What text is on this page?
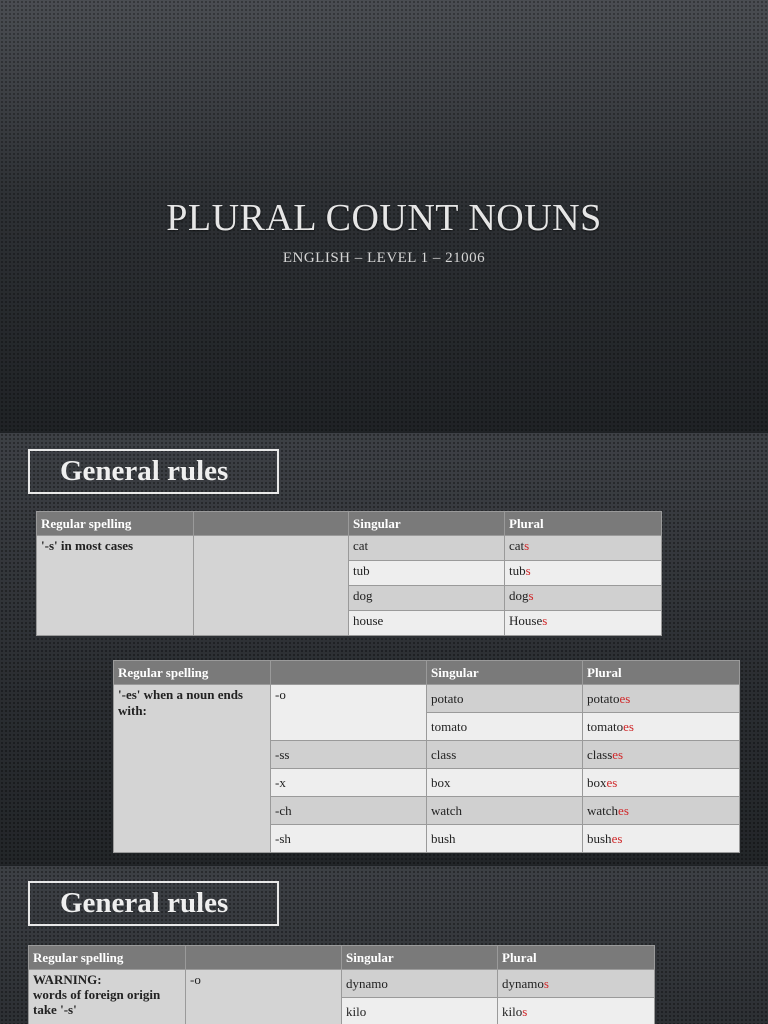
PLURAL COUNT NOUNS
ENGLISH – LEVEL 1 – 21006
General rules
Regular spelling		Singular	Plural
'-s' in most cases		cat	cats
		tub	tubs
		dog	dogs
		house	Houses
Regular spelling		Singular	Plural
'-es' when a noun ends with:	-o	potato	potatoes
		tomato	tomatoes
	-ss	class	classes
	-x	box	boxes
	-ch	watch	watches
	-sh	bush	bushes
General rules
Regular spelling		Singular	Plural

WARNING:
words of foreign origin take '-s'	-o	dynamo	dynamos
		kilo	kilos
